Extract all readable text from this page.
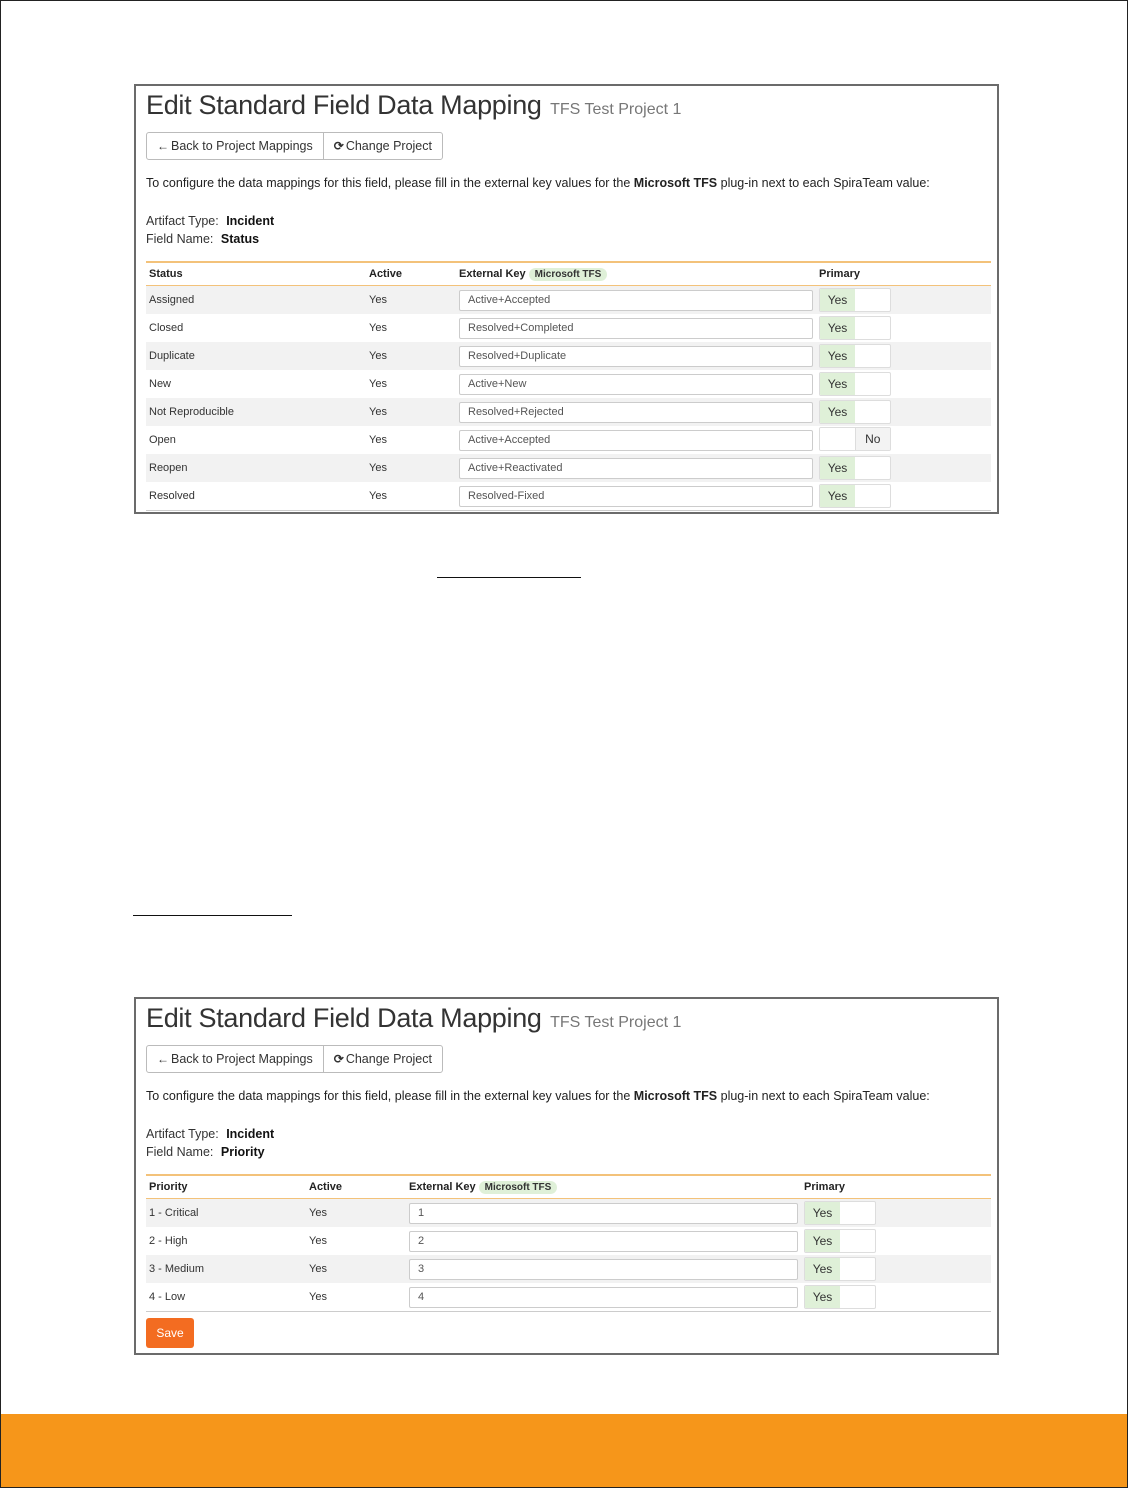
Edit Standard Field Data Mapping TFS Test Project 1
← Back to Project Mappings ⟳ Change Project
To configure the data mappings for this field, please fill in the external key values for the Microsoft TFS plug-in next to each SpiraTeam value:
Artifact Type: Incident
Field Name: Status
Status	Active	External Key Microsoft TFS	Primary
Assigned	Yes	Active+Accepted	Yes

Closed	Yes	Resolved+Completed	Yes

Duplicate	Yes	Resolved+Duplicate	Yes

New	Yes	Active+New	Yes

Not Reproducible	Yes	Resolved+Rejected	Yes

Open	Yes	Active+Accepted	No

Reopen	Yes	Active+Reactivated	Yes

Resolved	Yes	Resolved-Fixed	Yes
Edit Standard Field Data Mapping TFS Test Project 1
← Back to Project Mappings ⟳ Change Project
To configure the data mappings for this field, please fill in the external key values for the Microsoft TFS plug-in next to each SpiraTeam value:
Artifact Type: Incident
Field Name: Priority
Priority	Active	External Key Microsoft TFS	Primary
1 - Critical	Yes	1	Yes

2 - High	Yes	2	Yes

3 - Medium	Yes	3	Yes

4 - Low	Yes	4	Yes
Save
